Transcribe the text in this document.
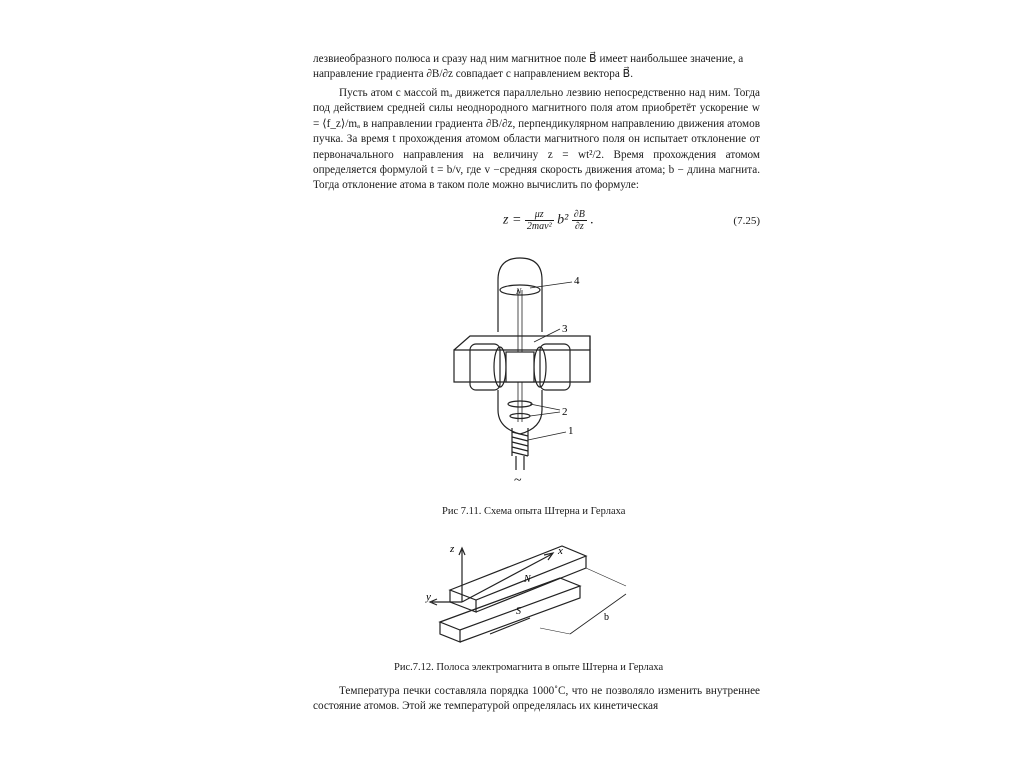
лезвиеобразного полюса и сразу над ним магнитное поле B⃗ имеет наибольшее значение, а

направление градиента ∂B/∂z совпадает с направлением вектора B⃗.

Пусть атом с массой mₐ движется параллельно лезвию непосредственно над ним. Тогда под действием средней силы неоднородного магнитного поля атом приобретёт ускорение w = ⟨f_z⟩/mₐ в направлении градиента ∂B/∂z, перпендикулярном направлению движения атомов пучка. За время t прохождения атомом области магнитного поля он испытает отклонение от первоначального направления на величину z = wt²/2. Время прохождения атомом определяется формулой t = b/v, где v −средняя скорость движения атома; b − длина магнита. Тогда отклонение атома в таком поле можно вычислить по формуле:

$z = \frac{\mu z}{\text{2mav²}} b^2 \frac{\partial B}{\partial z}$ .	(7.25)
N
4
3
2
1
~
Рис 7.11. Схема опыта Штерна и Герлаха
z	x
y
N
S
b
Рис.7.12. Полоса электромагнита в опыте Штерна и Герлаха

Температура печки составляла порядка 1000˚С, что не позволяло изменить внутреннее состояние атомов. Этой же температурой определялась их кинетическая
